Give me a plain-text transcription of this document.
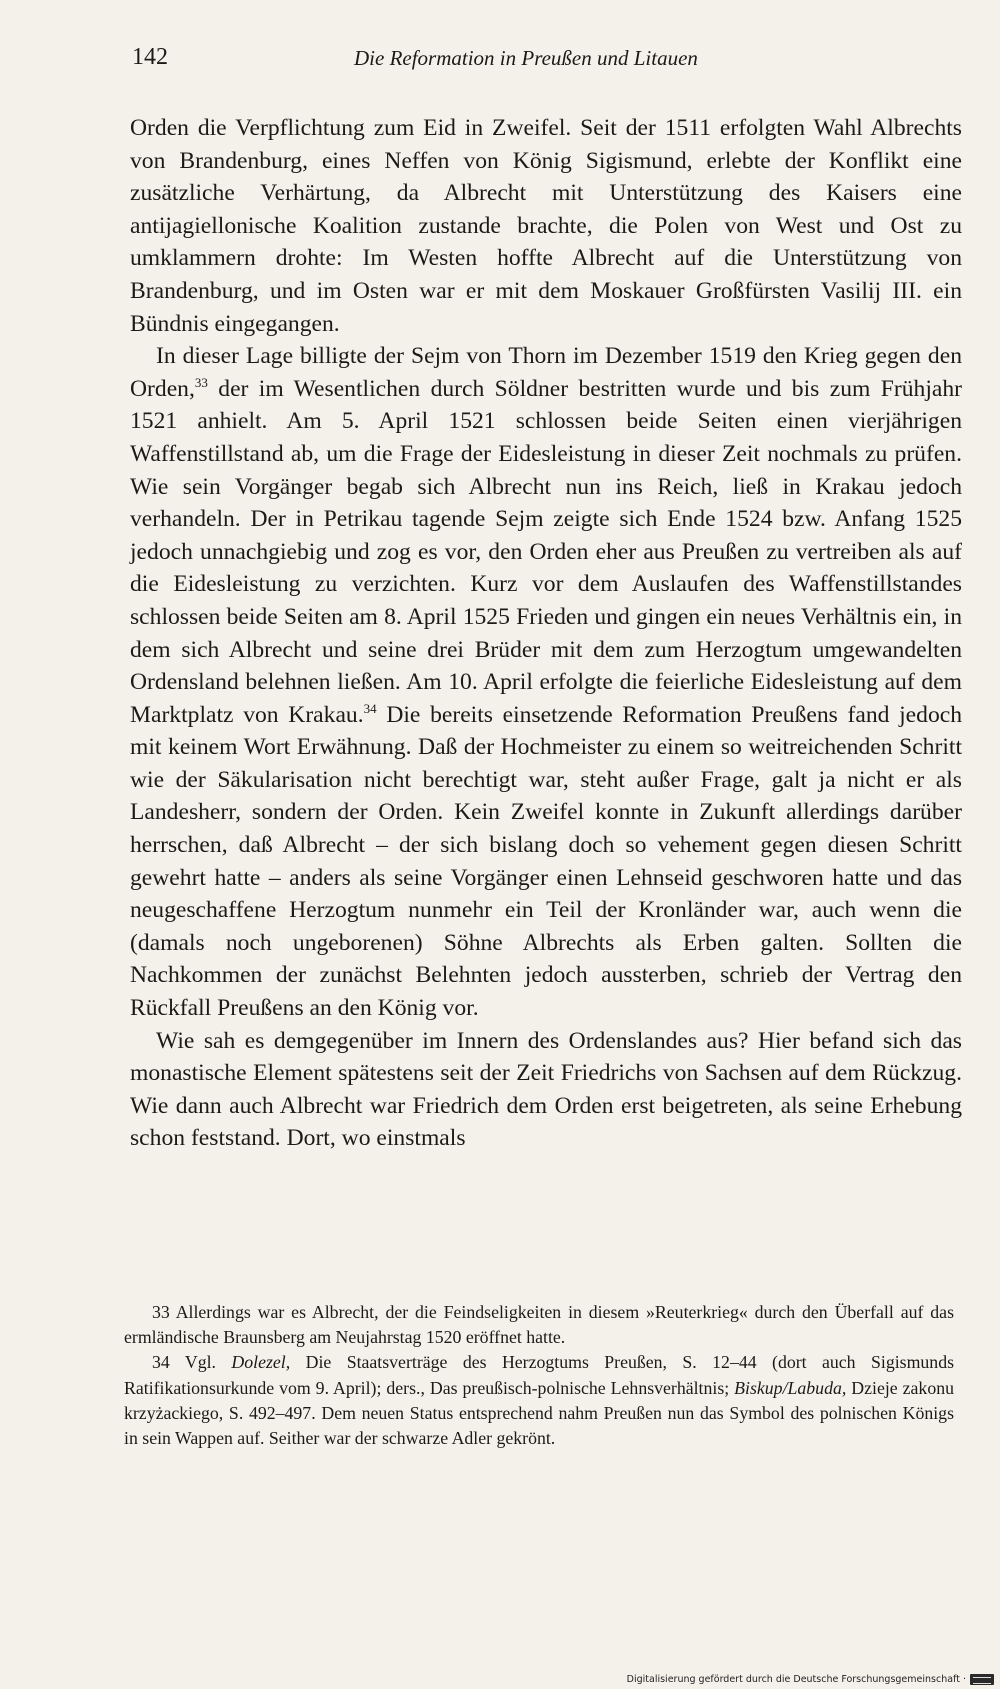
142	Die Reformation in Preußen und Litauen

Orden die Verpflichtung zum Eid in Zweifel. Seit der 1511 erfolgten Wahl Albrechts von Brandenburg, eines Neffen von König Sigismund, erlebte der Konflikt eine zusätzliche Verhärtung, da Albrecht mit Unterstützung des Kaisers eine antijagiellonische Koalition zustande brachte, die Polen von West und Ost zu umklammern drohte: Im Westen hoffte Albrecht auf die Unterstützung von Brandenburg, und im Osten war er mit dem Moskauer Großfürsten Vasilij III. ein Bündnis eingegangen.

In dieser Lage billigte der Sejm von Thorn im Dezember 1519 den Krieg gegen den Orden,$^{33}$ der im Wesentlichen durch Söldner bestritten wurde und bis zum Frühjahr 1521 anhielt. Am 5. April 1521 schlossen beide Seiten einen vierjährigen Waffenstillstand ab, um die Frage der Eidesleistung in dieser Zeit nochmals zu prüfen. Wie sein Vorgänger begab sich Albrecht nun ins Reich, ließ in Krakau jedoch verhandeln. Der in Petrikau tagende Sejm zeigte sich Ende 1524 bzw. Anfang 1525 jedoch unnachgiebig und zog es vor, den Orden eher aus Preußen zu vertreiben als auf die Eidesleistung zu verzichten. Kurz vor dem Auslaufen des Waffenstillstandes schlossen beide Seiten am 8. April 1525 Frieden und gingen ein neues Verhältnis ein, in dem sich Albrecht und seine drei Brüder mit dem zum Herzogtum umgewandelten Ordensland belehnen ließen. Am 10. April erfolgte die feierliche Eidesleistung auf dem Marktplatz von Krakau.$^{34}$ Die bereits einsetzende Reformation Preußens fand jedoch mit keinem Wort Erwähnung. Daß der Hochmeister zu einem so weitreichenden Schritt wie der Säkularisation nicht berechtigt war, steht außer Frage, galt ja nicht er als Landesherr, sondern der Orden. Kein Zweifel konnte in Zukunft allerdings darüber herrschen, daß Albrecht – der sich bislang doch so vehement gegen diesen Schritt gewehrt hatte – anders als seine Vorgänger einen Lehnseid geschworen hatte und das neugeschaffene Herzogtum nunmehr ein Teil der Kronländer war, auch wenn die (damals noch ungeborenen) Söhne Albrechts als Erben galten. Sollten die Nachkommen der zunächst Belehnten jedoch aussterben, schrieb der Vertrag den Rückfall Preußens an den König vor.

Wie sah es demgegenüber im Innern des Ordenslandes aus? Hier befand sich das monastische Element spätestens seit der Zeit Friedrichs von Sachsen auf dem Rückzug. Wie dann auch Albrecht war Friedrich dem Orden erst beigetreten, als seine Erhebung schon feststand. Dort, wo einstmals

33 Allerdings war es Albrecht, der die Feindseligkeiten in diesem »Reuterkrieg« durch den Überfall auf das ermländische Braunsberg am Neujahrstag 1520 eröffnet hatte.

34 Vgl. Dolezel, Die Staatsverträge des Herzogtums Preußen, S. 12–44 (dort auch Sigismunds Ratifikationsurkunde vom 9. April); ders., Das preußisch-polnische Lehnsverhältnis; Biskup/Labuda, Dzieje zakonu krzyżackiego, S. 492–497. Dem neuen Status entsprechend nahm Preußen nun das Symbol des polnischen Königs in sein Wappen auf. Seither war der schwarze Adler gekrönt.

Digitalisierung gefördert durch die Deutsche Forschungsgemeinschaft ·
